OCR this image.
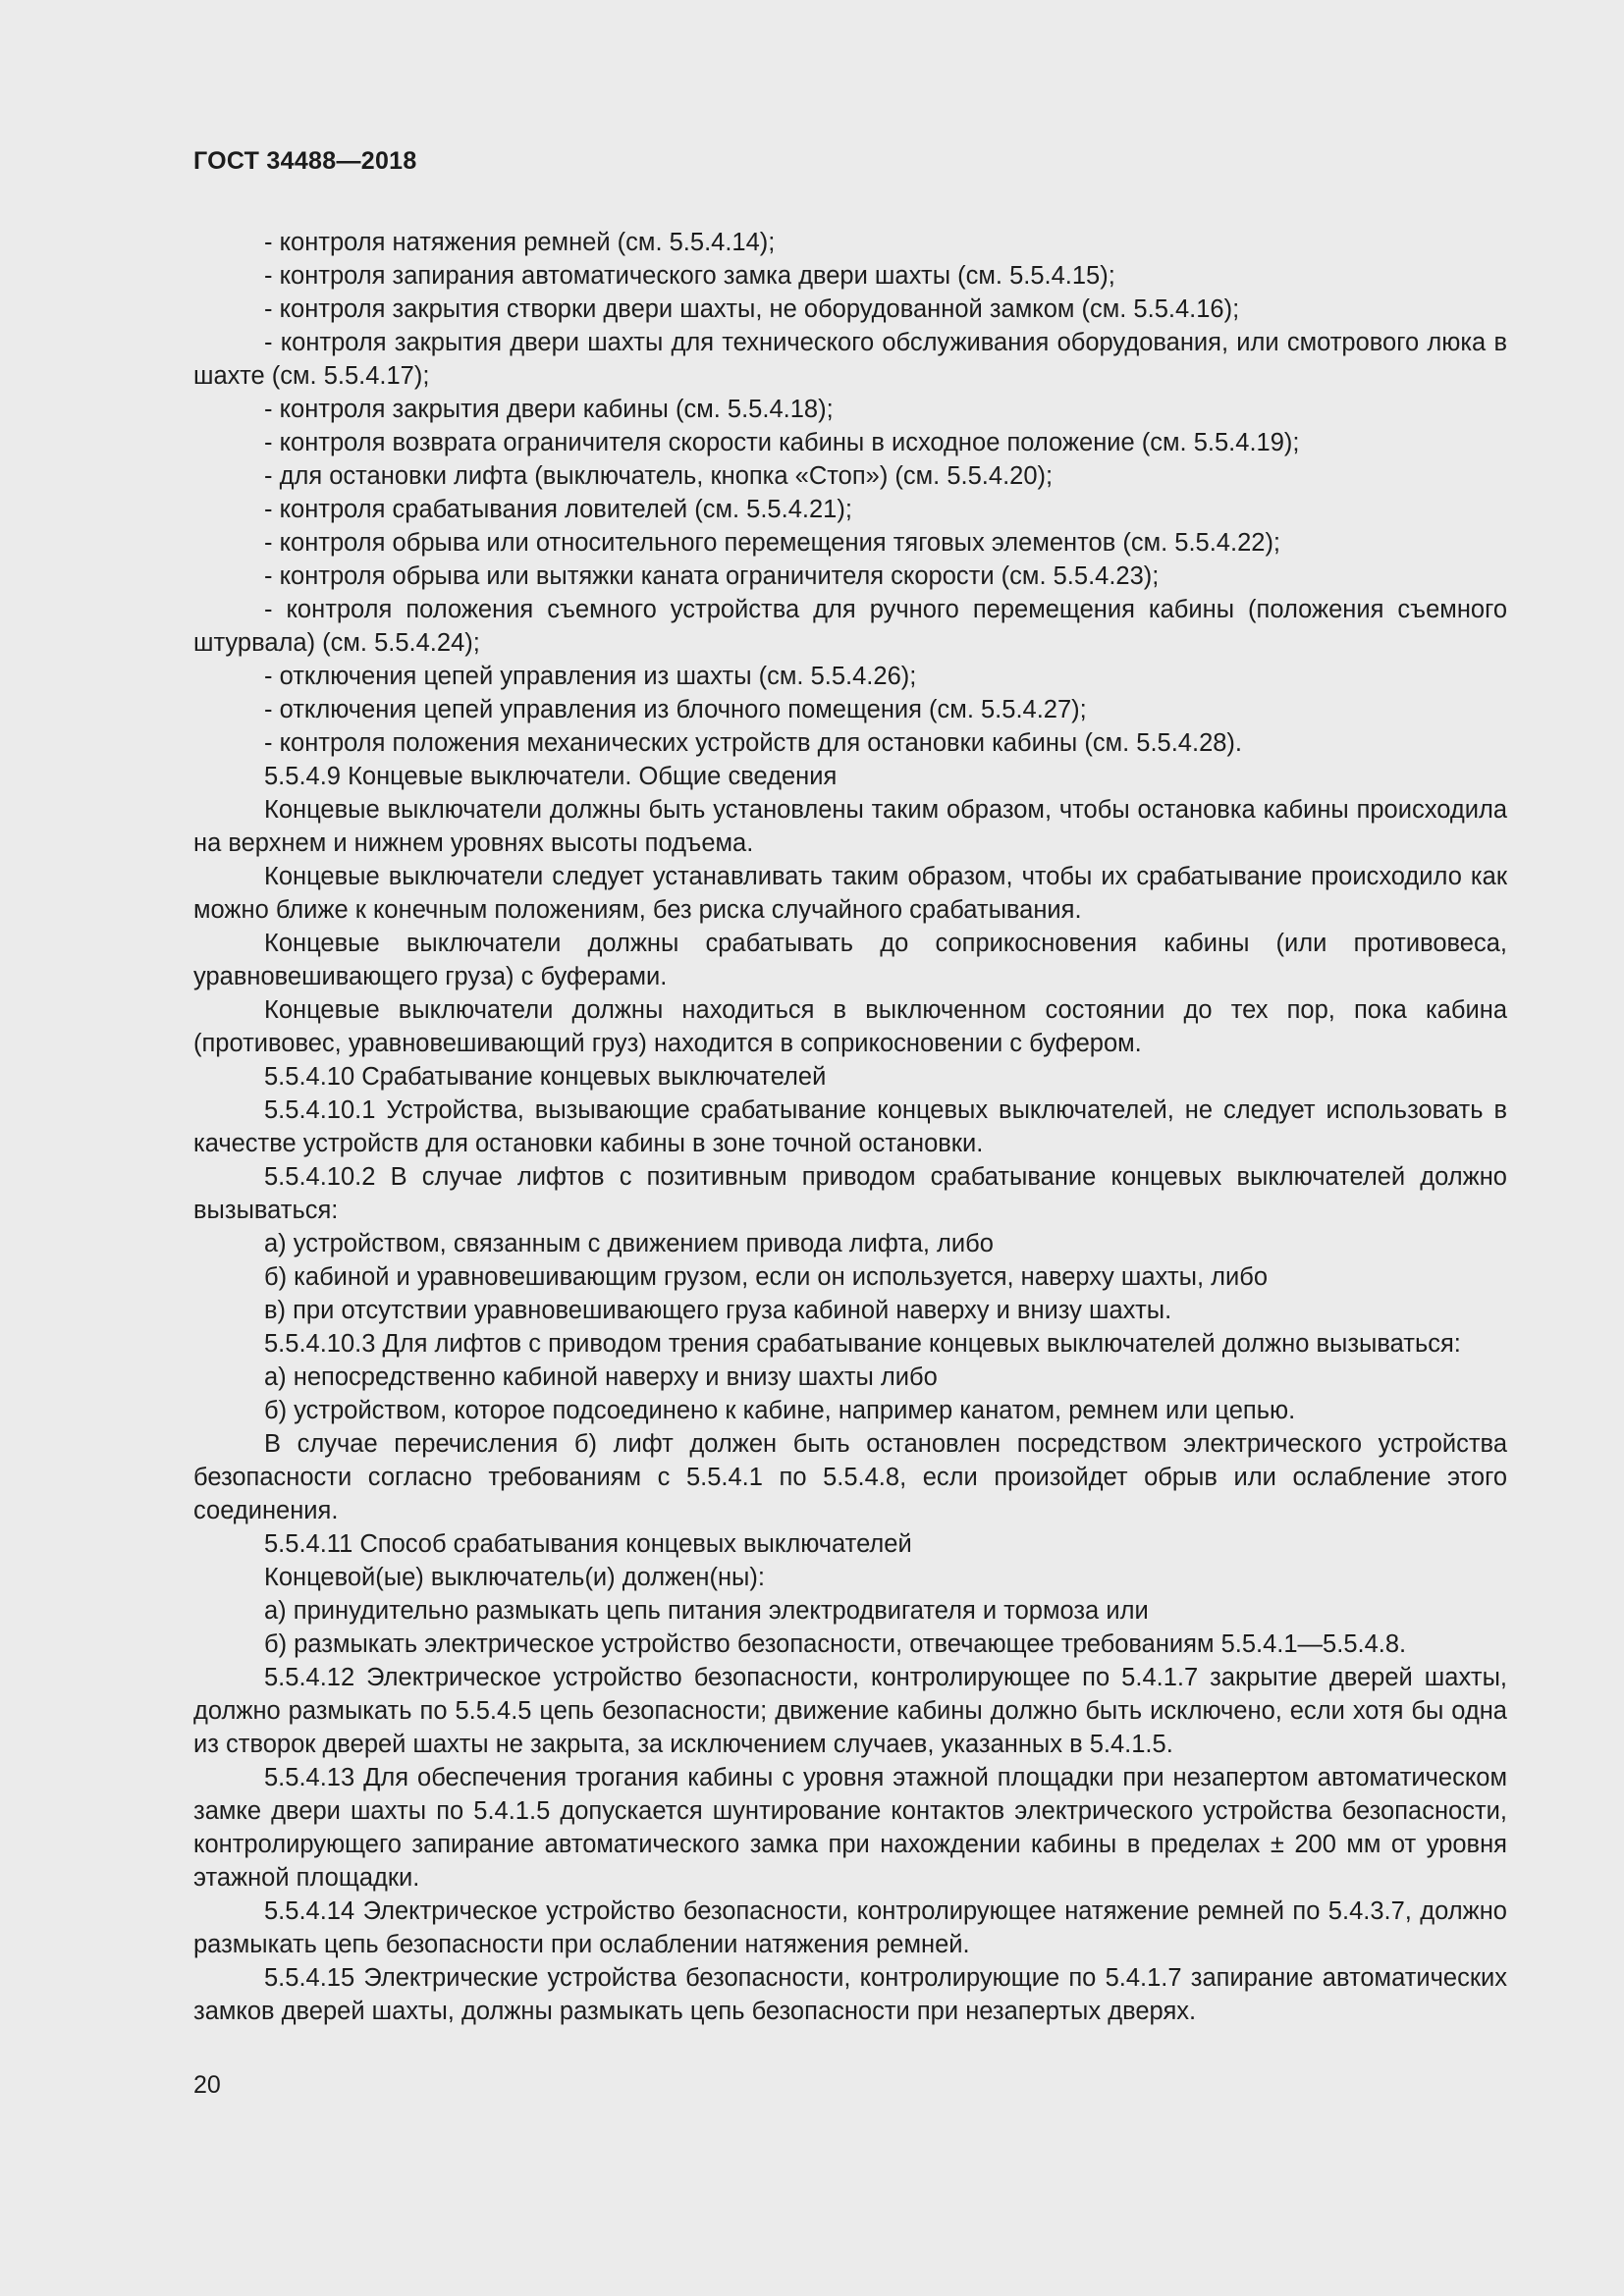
ГОСТ 34488—2018

- контроля натяжения ремней (см. 5.5.4.14);

- контроля запирания автоматического замка двери шахты (см. 5.5.4.15);

- контроля закрытия створки двери шахты, не оборудованной замком (см. 5.5.4.16);

- контроля закрытия двери шахты для технического обслуживания оборудования, или смотрового люка в шахте (см. 5.5.4.17);

- контроля закрытия двери кабины (см. 5.5.4.18);

- контроля возврата ограничителя скорости кабины в исходное положение (см. 5.5.4.19);

- для остановки лифта (выключатель, кнопка «Стоп») (см. 5.5.4.20);

- контроля срабатывания ловителей (см. 5.5.4.21);

- контроля обрыва или относительного перемещения тяговых элементов (см. 5.5.4.22);

- контроля обрыва или вытяжки каната ограничителя скорости (см. 5.5.4.23);

- контроля положения съемного устройства для ручного перемещения кабины (положения съемного штурвала) (см. 5.5.4.24);

- отключения цепей управления из шахты (см. 5.5.4.26);

- отключения цепей управления из блочного помещения (см. 5.5.4.27);

- контроля положения механических устройств для остановки кабины (см. 5.5.4.28).

5.5.4.9 Концевые выключатели. Общие сведения

Концевые выключатели должны быть установлены таким образом, чтобы остановка кабины происходила на верхнем и нижнем уровнях высоты подъема.

Концевые выключатели следует устанавливать таким образом, чтобы их срабатывание происходило как можно ближе к конечным положениям, без риска случайного срабатывания.

Концевые выключатели должны срабатывать до соприкосновения кабины (или противовеса, уравновешивающего груза) с буферами.

Концевые выключатели должны находиться в выключенном состоянии до тех пор, пока кабина (противовес, уравновешивающий груз) находится в соприкосновении с буфером.

5.5.4.10 Срабатывание концевых выключателей

5.5.4.10.1 Устройства, вызывающие срабатывание концевых выключателей, не следует использовать в качестве устройств для остановки кабины в зоне точной остановки.

5.5.4.10.2 В случае лифтов с позитивным приводом срабатывание концевых выключателей должно вызываться:

а) устройством, связанным с движением привода лифта, либо

б) кабиной и уравновешивающим грузом, если он используется, наверху шахты, либо

в) при отсутствии уравновешивающего груза кабиной наверху и внизу шахты.

5.5.4.10.3 Для лифтов с приводом трения срабатывание концевых выключателей должно вызываться:

а) непосредственно кабиной наверху и внизу шахты либо

б) устройством, которое подсоединено к кабине, например канатом, ремнем или цепью.

В случае перечисления б) лифт должен быть остановлен посредством электрического устройства безопасности согласно требованиям с 5.5.4.1 по 5.5.4.8, если произойдет обрыв или ослабление этого соединения.

5.5.4.11 Способ срабатывания концевых выключателей

Концевой(ые) выключатель(и) должен(ны):

а) принудительно размыкать цепь питания электродвигателя и тормоза или

б) размыкать электрическое устройство безопасности, отвечающее требованиям 5.5.4.1—5.5.4.8.

5.5.4.12 Электрическое устройство безопасности, контролирующее по 5.4.1.7 закрытие дверей шахты, должно размыкать по 5.5.4.5 цепь безопасности; движение кабины должно быть исключено, если хотя бы одна из створок дверей шахты не закрыта, за исключением случаев, указанных в 5.4.1.5.

5.5.4.13 Для обеспечения трогания кабины с уровня этажной площадки при незапертом автоматическом замке двери шахты по 5.4.1.5 допускается шунтирование контактов электрического устройства безопасности, контролирующего запирание автоматического замка при нахождении кабины в пределах ± 200 мм от уровня этажной площадки.

5.5.4.14 Электрическое устройство безопасности, контролирующее натяжение ремней по 5.4.3.7, должно размыкать цепь безопасности при ослаблении натяжения ремней.

5.5.4.15 Электрические устройства безопасности, контролирующие по 5.4.1.7 запирание автоматических замков дверей шахты, должны размыкать цепь безопасности при незапертых дверях.

20
